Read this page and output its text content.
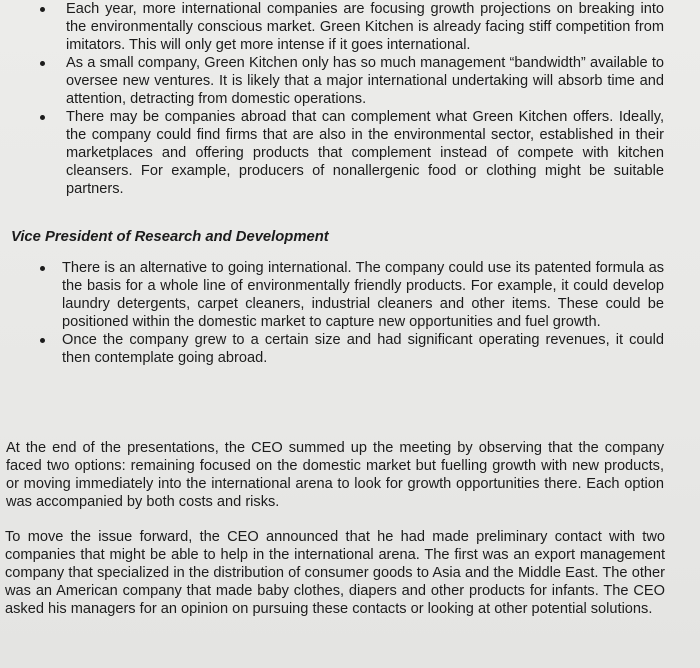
Each year, more international companies are focusing growth projections on breaking into the environmentally conscious market. Green Kitchen is already facing stiff competition from imitators. This will only get more intense if it goes international.
As a small company, Green Kitchen only has so much management “bandwidth” available to oversee new ventures. It is likely that a major international undertaking will absorb time and attention, detracting from domestic operations.
There may be companies abroad that can complement what Green Kitchen offers. Ideally, the company could find firms that are also in the environmental sector, established in their marketplaces and offering products that complement instead of compete with kitchen cleansers. For example, producers of nonallergenic food or clothing might be suitable partners.
Vice President of Research and Development
There is an alternative to going international. The company could use its patented formula as the basis for a whole line of environmentally friendly products. For example, it could develop laundry detergents, carpet cleaners, industrial cleaners and other items. These could be positioned within the domestic market to capture new opportunities and fuel growth.
Once the company grew to a certain size and had significant operating revenues, it could then contemplate going abroad.

At the end of the presentations, the CEO summed up the meeting by observing that the company faced two options: remaining focused on the domestic market but fuelling growth with new products, or moving immediately into the international arena to look for growth opportunities there. Each option was accompanied by both costs and risks.

To move the issue forward, the CEO announced that he had made preliminary contact with two companies that might be able to help in the international arena. The first was an export management company that specialized in the distribution of consumer goods to Asia and the Middle East. The other was an American company that made baby clothes, diapers and other products for infants. The CEO asked his managers for an opinion on pursuing these contacts or looking at other potential solutions.
